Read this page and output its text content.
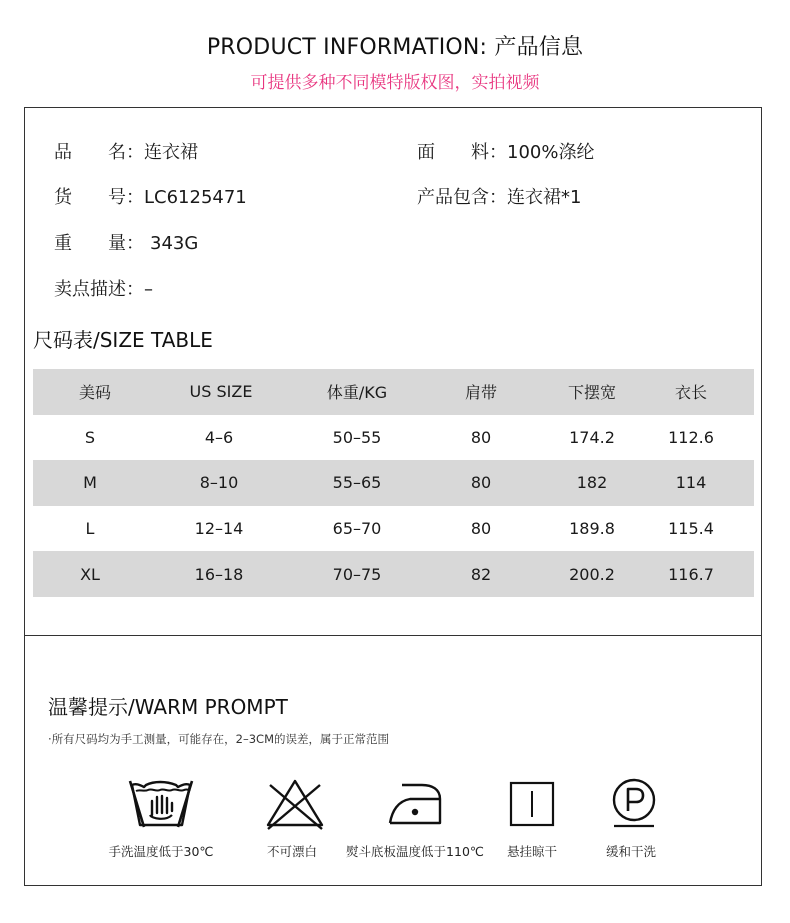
PRODUCT INFORMATION: 产品信息
可提供多种不同模特版权图，实拍视频
品　　名：连衣裙	面　　料：100%涤纶
货　　号：LC6125471	产品包含：连衣裙*1
重　　量： 343G
卖点描述：–
尺码表/SIZE TABLE
美码	US SIZE	体重/KG	肩带	下摆宽	衣长
S	4–6	50–55	80	174.2	112.6
M	8–10	55–65	80	182	114
L	12–14	65–70	80	189.8	115.4
XL	16–18	70–75	82	200.2	116.7
温馨提示/WARM PROMPT
·所有尺码均为手工测量，可能存在，2–3CM的误差，属于正常范围
手洗温度低于30℃	不可漂白 熨斗底板温度低于110℃ 悬挂晾干	缓和干洗
